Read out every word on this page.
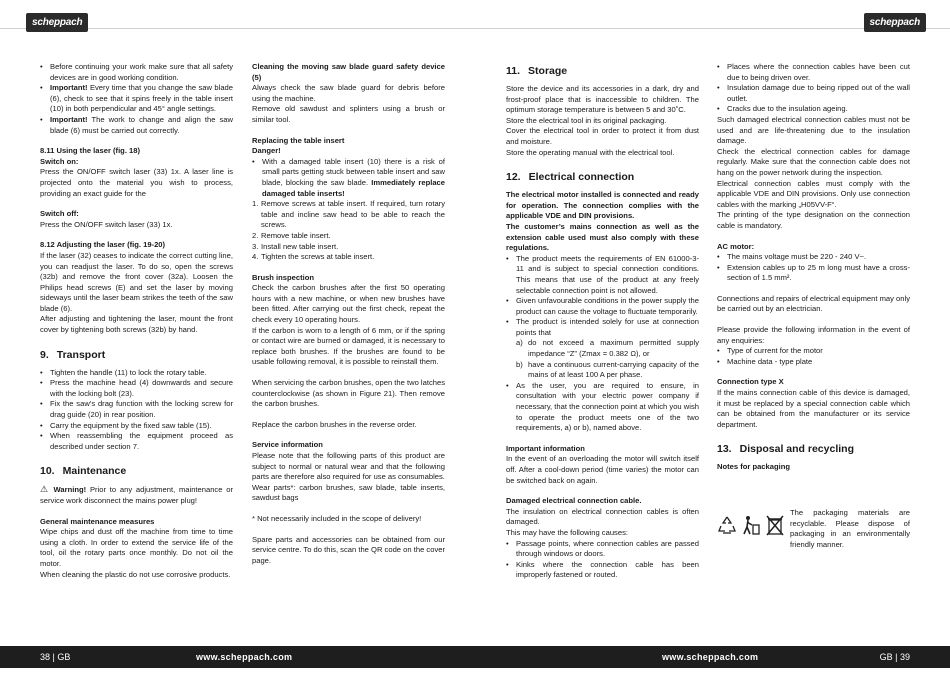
scheppach	scheppach
• Before continuing your work make sure that all safety devices are in good working condition.
• Important! Every time that you change the saw blade (6), check to see that it spins freely in the table insert (10) in both perpendicular and 45° angle settings.
• Important! The work to change and align the saw blade (6) must be carried out correctly.

8.11 Using the laser (fig. 18)

Switch on:

Press the ON/OFF switch laser (33) 1x. A laser line is projected onto the material you wish to process, providing an exact guide for the

Switch off:

Press the ON/OFF switch laser (33) 1x.

8.12 Adjusting the laser (fig. 19-20)

If the laser (32) ceases to indicate the correct cutting line, you can readjust the laser. To do so, open the screws (32b) and remove the front cover (32a). Loosen the Philips head screws (E) and set the laser by moving sideways until the laser beam strikes the teeth of the saw blade (6).

After adjusting and tightening the laser, mount the front cover by tightening both screws (32b) by hand.

9. Transport
• Tighten the handle (11) to lock the rotary table.
• Press the machine head (4) downwards and secure with the locking bolt (23).
• Fix the saw’s drag function with the locking screw for drag guide (20) in rear position.
• Carry the equipment by the fixed saw table (15).
• When reassembling the equipment proceed as described under section 7.
10. Maintenance

⚠ Warning! Prior to any adjustment, maintenance or service work disconnect the mains power plug!

General maintenance measures

Wipe chips and dust off the machine from time to time using a cloth. In order to extend the service life of the tool, oil the rotary parts once monthly. Do not oil the motor.

When cleaning the plastic do not use corrosive products.

Cleaning the moving saw blade guard safety device (5)

Always check the saw blade guard for debris before using the machine.

Remove old sawdust and splinters using a brush or similar tool.

Replacing the table insert

Danger!

• With a damaged table insert (10) there is a risk of small parts getting stuck between table insert and saw blade, blocking the saw blade. Immediately replace damaged table inserts!
1. Remove screws at table insert. If required, turn rotary table and incline saw head to be able to reach the screws.
2. Remove table insert.
3. Install new table insert.
4. Tighten the screws at table insert.

Brush inspection

Check the carbon brushes after the first 50 operating hours with a new machine, or when new brushes have been fitted. After carrying out the first check, repeat the check every 10 operating hours.

If the carbon is worn to a length of 6 mm, or if the spring or contact wire are burned or damaged, it is necessary to replace both brushes. If the brushes are found to be usable following removal, it is possible to reinstall them.

When servicing the carbon brushes, open the two latches counterclockwise (as shown in Figure 21). Then remove the carbon brushes.

Replace the carbon brushes in the reverse order.

Service information

Please note that the following parts of this product are subject to normal or natural wear and that the following parts are therefore also required for use as consumables.

Wear parts*: carbon brushes, saw blade, table inserts, sawdust bags

* Not necessarily included in the scope of delivery!

Spare parts and accessories can be obtained from our service centre. To do this, scan the QR code on the cover page.

11. Storage

Store the device and its accessories in a dark, dry and frost-proof place that is inaccessible to children. The optimum storage temperature is between 5 and 30˚C.

Store the electrical tool in its original packaging.

Cover the electrical tool in order to protect it from dust and moisture.

Store the operating manual with the electrical tool.

12. Electrical connection

The electrical motor installed is connected and ready for operation. The connection complies with the applicable VDE and DIN provisions.

The customer’s mains connection as well as the extension cable used must also comply with these regulations.

• The product meets the requirements of EN 61000-3-11 and is subject to special connection conditions. This means that use of the product at any freely selectable connection point is not allowed.
• Given unfavourable conditions in the power supply the product can cause the voltage to fluctuate temporarily.
• The product is intended solely for use at connection points that
a) do not exceed a maximum permitted supply impedance “Z” (Zmax = 0.382 Ω), or
b) have a continuous current-carrying capacity of the mains of at least 100 A per phase.
• As the user, you are required to ensure, in consultation with your electric power company if necessary, that the connection point at which you wish to operate the product meets one of the two requirements, a) or b), named above.

Important information

In the event of an overloading the motor will switch itself off. After a cool-down period (time varies) the motor can be switched back on again.

Damaged electrical connection cable.

The insulation on electrical connection cables is often damaged.

This may have the following causes:

• Passage points, where connection cables are passed through windows or doors.
• Kinks where the connection cable has been improperly fastened or routed.
• Places where the connection cables have been cut due to being driven over.
• Insulation damage due to being ripped out of the wall outlet.
• Cracks due to the insulation ageing.

Such damaged electrical connection cables must not be used and are life-threatening due to the insulation damage.

Check the electrical connection cables for damage regularly. Make sure that the connection cable does not hang on the power network during the inspection.

Electrical connection cables must comply with the applicable VDE and DIN provisions. Only use connection cables with the marking „H05VV-F“.

The printing of the type designation on the connection cable is mandatory.

AC motor:

• The mains voltage must be 220 - 240 V~.
• Extension cables up to 25 m long must have a cross-section of 1.5 mm².

Connections and repairs of electrical equipment may only be carried out by an electrician.

Please provide the following information in the event of any enquiries:

• Type of current for the motor
• Machine data - type plate

Connection type X

If the mains connection cable of this device is damaged, it must be replaced by a special connection cable which can be obtained from the manufacturer or its service department.

13. Disposal and recycling

Notes for packaging

The packaging materials are recyclable. Please dispose of packaging in an environmentally friendly manner.

38 | GB	www.scheppach.com	www.scheppach.com	GB | 39
